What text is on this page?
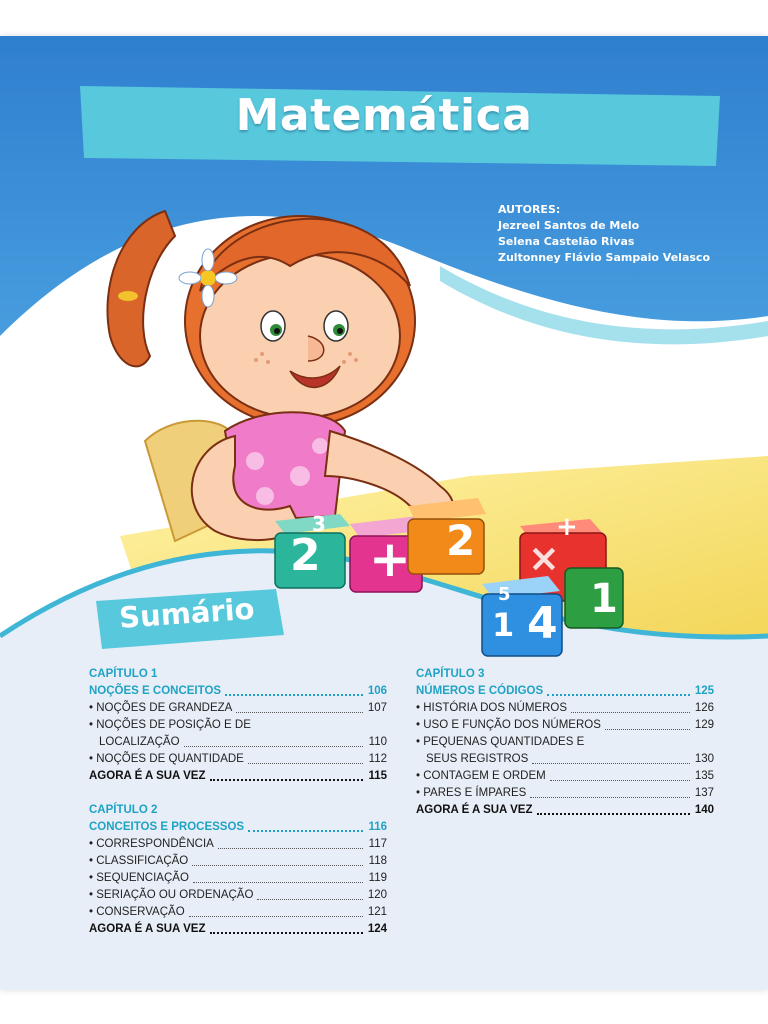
2 + 2 ×
+
1
4
1
5
3
Matemática
AUTORES:
Jezreel Santos de Melo
Selena Castelão Rivas
Zultonney Flávio Sampaio Velasco
Sumário
CAPÍTULO 1
NOÇÕES E CONCEITOS	106
• NOÇÕES DE GRANDEZA	107
• NOÇÕES DE POSIÇÃO E DE
LOCALIZAÇÃO	110
• NOÇÕES DE QUANTIDADE	112
AGORA É A SUA VEZ	115
CAPÍTULO 2
CONCEITOS E PROCESSOS	116
• CORRESPONDÊNCIA	117
• CLASSIFICAÇÃO	118
• SEQUENCIAÇÃO	119
• SERIAÇÃO OU ORDENAÇÃO	120
• CONSERVAÇÃO	121
AGORA É A SUA VEZ	124
CAPÍTULO 3
NÚMEROS E CÓDIGOS	125
• HISTÓRIA DOS NÚMEROS	126
• USO E FUNÇÃO DOS NÚMEROS	129
• PEQUENAS QUANTIDADES E
SEUS REGISTROS	130
• CONTAGEM E ORDEM	135
• PARES E ÍMPARES	137
AGORA É A SUA VEZ	140
